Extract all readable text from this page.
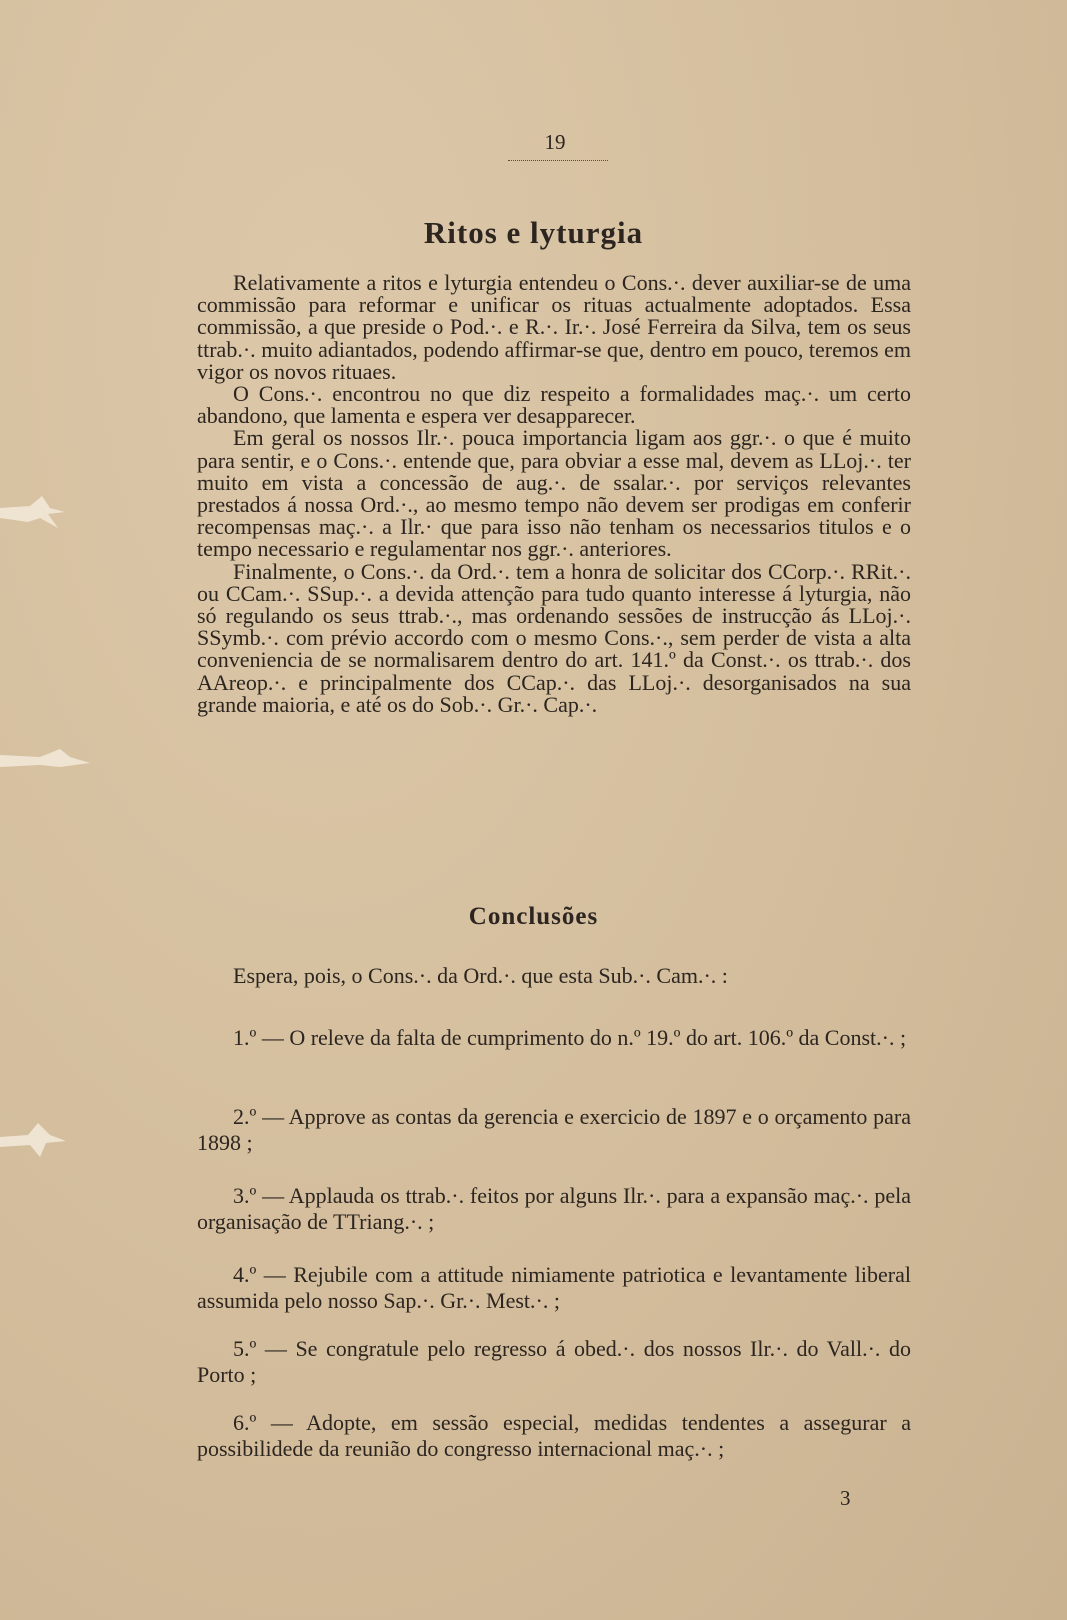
19
Ritos e lyturgia

Relativamente a ritos e lyturgia entendeu o Cons.·. dever auxiliar-se de uma commissão para reformar e unificar os rituas actualmente adoptados. Essa commissão, a que preside o Pod.·. e R.·. Ir.·. José Ferreira da Silva, tem os seus ttrab.·. muito adiantados, podendo affirmar-se que, dentro em pouco, teremos em vigor os novos rituaes.

O Cons.·. encontrou no que diz respeito a formalidades maç.·. um certo abandono, que lamenta e espera ver desapparecer.

Em geral os nossos Ilr.·. pouca importancia ligam aos ggr.·. o que é muito para sentir, e o Cons.·. entende que, para obviar a esse mal, devem as LLoj.·. ter muito em vista a concessão de aug.·. de ssalar.·. por serviços relevantes prestados á nossa Ord.·., ao mesmo tempo não devem ser prodigas em conferir recompensas maç.·. a Ilr.· que para isso não tenham os necessarios titulos e o tempo necessario e regulamentar nos ggr.·. anteriores.

Finalmente, o Cons.·. da Ord.·. tem a honra de solicitar dos CCorp.·. RRit.·. ou CCam.·. SSup.·. a devida attenção para tudo quanto interesse á lyturgia, não só regulando os seus ttrab.·., mas ordenando sessões de instrucção ás LLoj.·. SSymb.·. com prévio accordo com o mesmo Cons.·., sem perder de vista a alta conveniencia de se normalisarem dentro do art. 141.º da Const.·. os ttrab.·. dos AAreop.·. e principalmente dos CCap.·. das LLoj.·. desorganisados na sua grande maioria, e até os do Sob.·. Gr.·. Cap.·.

Conclusões

Espera, pois, o Cons.·. da Ord.·. que esta Sub.·. Cam.·. :

1.º — O releve da falta de cumprimento do n.º 19.º do art. 106.º da Const.·. ;

2.º — Approve as contas da gerencia e exercicio de 1897 e o orçamento para 1898 ;

3.º — Applauda os ttrab.·. feitos por alguns Ilr.·. para a expansão maç.·. pela organisação de TTriang.·. ;

4.º — Rejubile com a attitude nimiamente patriotica e levantamente liberal assumida pelo nosso Sap.·. Gr.·. Mest.·. ;

5.º — Se congratule pelo regresso á obed.·. dos nossos Ilr.·. do Vall.·. do Porto ;

6.º — Adopte, em sessão especial, medidas tendentes a assegurar a possibilidede da reunião do congresso internacional maç.·. ;

3
